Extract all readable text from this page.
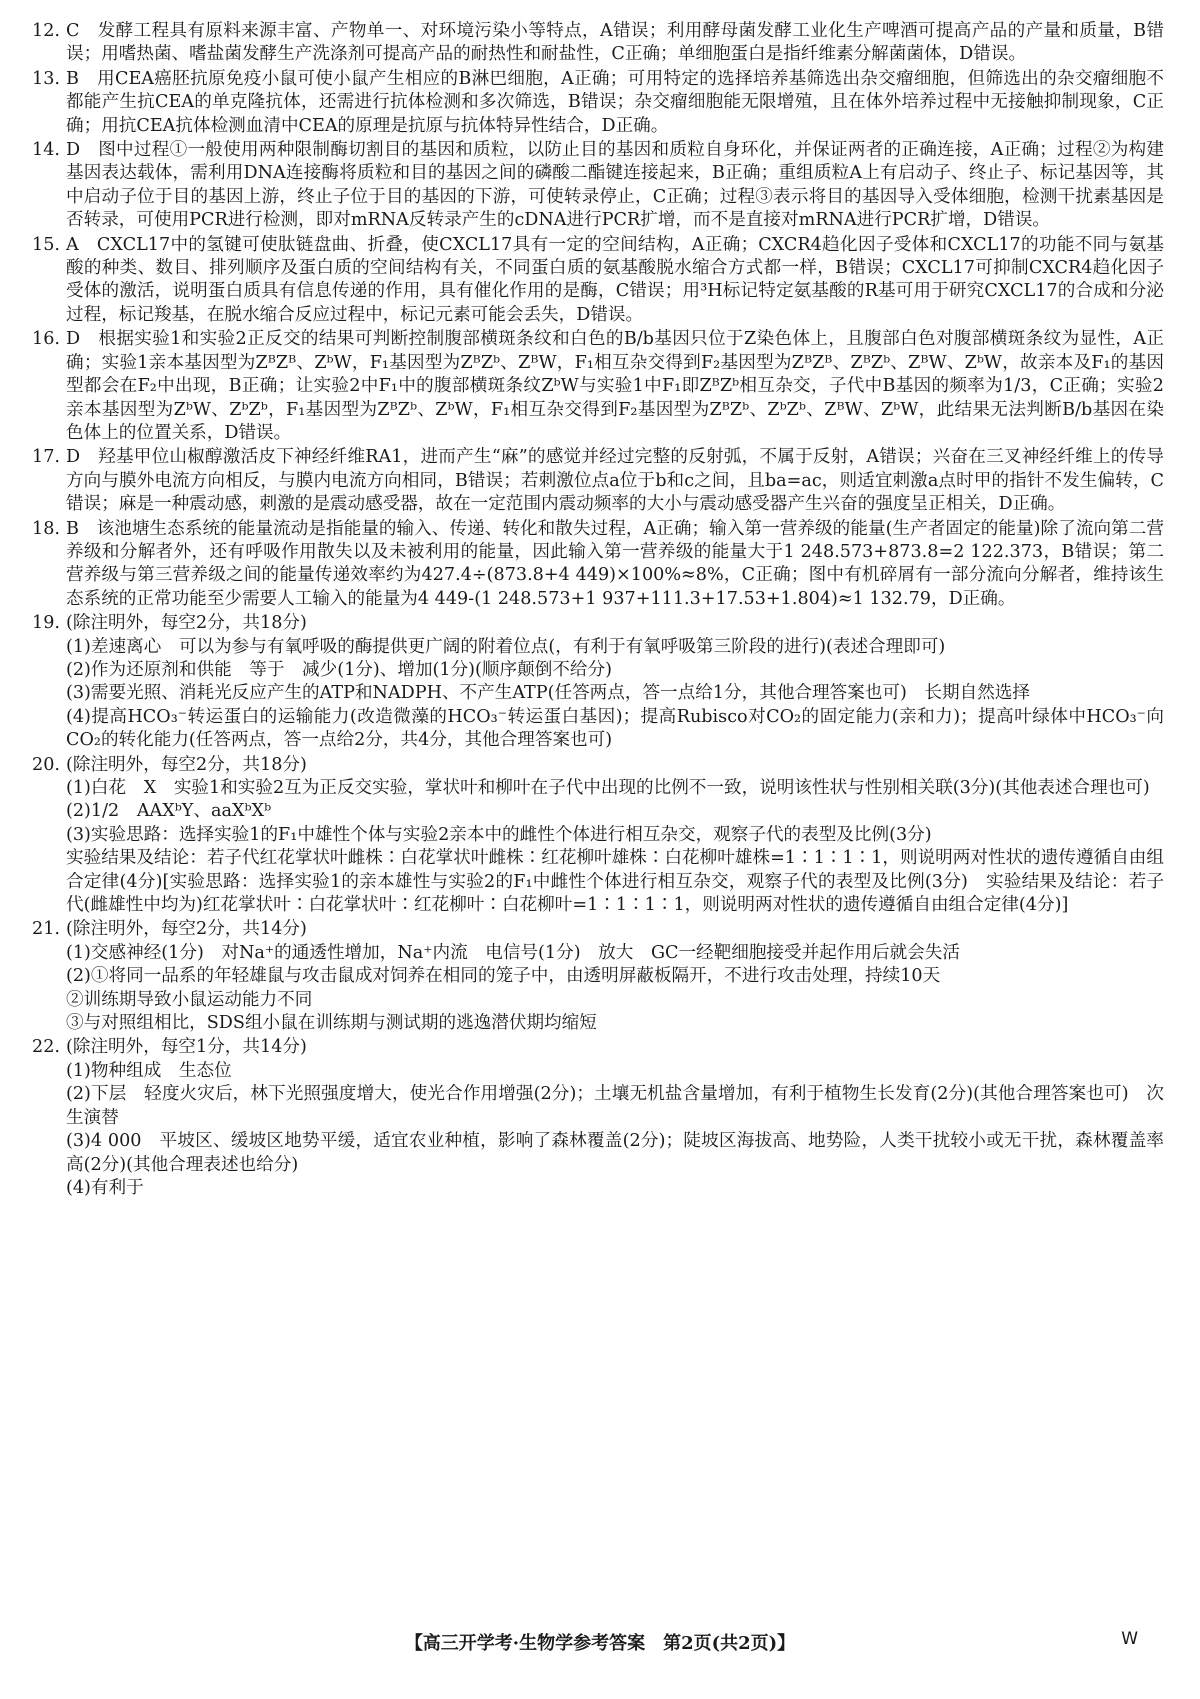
12. C　发酵工程具有原料来源丰富、产物单一、对环境污染小等特点，A错误；利用酵母菌发酵工业化生产啤酒可提高产品的产量和质量，B错误；用嗜热菌、嗜盐菌发酵生产洗涤剂可提高产品的耐热性和耐盐性，C正确；单细胞蛋白是指纤维素分解菌菌体，D错误。
13. B　用CEA癌胚抗原免疫小鼠可使小鼠产生相应的B淋巴细胞，A正确；可用特定的选择培养基筛选出杂交瘤细胞，但筛选出的杂交瘤细胞不都能产生抗CEA的单克隆抗体，还需进行抗体检测和多次筛选，B错误；杂交瘤细胞能无限增殖，且在体外培养过程中无接触抑制现象，C正确；用抗CEA抗体检测血清中CEA的原理是抗原与抗体特异性结合，D正确。
14. D　图中过程①一般使用两种限制酶切割目的基因和质粒，以防止目的基因和质粒自身环化，并保证两者的正确连接，A正确；过程②为构建基因表达载体，需利用DNA连接酶将质粒和目的基因之间的磷酸二酯键连接起来，B正确；重组质粒A上有启动子、终止子、标记基因等，其中启动子位于目的基因上游，终止子位于目的基因的下游，可使转录停止，C正确；过程③表示将目的基因导入受体细胞，检测干扰素基因是否转录，可使用PCR进行检测，即对mRNA反转录产生的cDNA进行PCR扩增，而不是直接对mRNA进行PCR扩增，D错误。
15. A　CXCL17中的氢键可使肽链盘曲、折叠，使CXCL17具有一定的空间结构，A正确；CXCR4趋化因子受体和CXCL17的功能不同与氨基酸的种类、数目、排列顺序及蛋白质的空间结构有关，不同蛋白质的氨基酸脱水缩合方式都一样，B错误；CXCL17可抑制CXCR4趋化因子受体的激活，说明蛋白质具有信息传递的作用，具有催化作用的是酶，C错误；用³H标记特定氨基酸的R基可用于研究CXCL17的合成和分泌过程，标记羧基，在脱水缩合反应过程中，标记元素可能会丢失，D错误。
16. D　根据实验1和实验2正反交的结果可判断控制腹部横斑条纹和白色的B/b基因只位于Z染色体上，且腹部白色对腹部横斑条纹为显性，A正确；实验1亲本基因型为ZᴮZᴮ、ZᵇW，F₁基因型为ZᴮZᵇ、ZᴮW，F₁相互杂交得到F₂基因型为ZᴮZᴮ、ZᴮZᵇ、ZᴮW、ZᵇW，故亲本及F₁的基因型都会在F₂中出现，B正确；让实验2中F₁中的腹部横斑条纹ZᵇW与实验1中F₁即ZᴮZᵇ相互杂交，子代中B基因的频率为1/3，C正确；实验2亲本基因型为ZᵇW、ZᵇZᵇ，F₁基因型为ZᴮZᵇ、ZᵇW，F₁相互杂交得到F₂基因型为ZᴮZᵇ、ZᵇZᵇ、ZᴮW、ZᵇW，此结果无法判断B/b基因在染色体上的位置关系，D错误。
17. D　羟基甲位山椒醇激活皮下神经纤维RA1，进而产生“麻”的感觉并经过完整的反射弧，不属于反射，A错误；兴奋在三叉神经纤维上的传导方向与膜外电流方向相反，与膜内电流方向相同，B错误；若刺激位点a位于b和c之间，且ba=ac，则适宜刺激a点时甲的指针不发生偏转，C错误；麻是一种震动感，刺激的是震动感受器，故在一定范围内震动频率的大小与震动感受器产生兴奋的强度呈正相关，D正确。
18. B　该池塘生态系统的能量流动是指能量的输入、传递、转化和散失过程，A正确；输入第一营养级的能量(生产者固定的能量)除了流向第二营养级和分解者外，还有呼吸作用散失以及未被利用的能量，因此输入第一营养级的能量大于1 248.573+873.8=2 122.373，B错误；第二营养级与第三营养级之间的能量传递效率约为427.4÷(873.8+4 449)×100%≈8%，C正确；图中有机碎屑有一部分流向分解者，维持该生态系统的正常功能至少需要人工输入的能量为4 449-(1 248.573+1 937+111.3+17.53+1.804)≈1 132.79，D正确。
19. (除注明外，每空2分，共18分)
(1)差速离心　可以为参与有氧呼吸的酶提供更广阔的附着位点(，有利于有氧呼吸第三阶段的进行)(表述合理即可)
(2)作为还原剂和供能　等于　减少(1分)、增加(1分)(顺序颠倒不给分)
(3)需要光照、消耗光反应产生的ATP和NADPH、不产生ATP(任答两点，答一点给1分，其他合理答案也可)　长期自然选择
(4)提高HCO₃⁻转运蛋白的运输能力(改造微藻的HCO₃⁻转运蛋白基因)；提高Rubisco对CO₂的固定能力(亲和力)；提高叶绿体中HCO₃⁻向CO₂的转化能力(任答两点，答一点给2分，共4分，其他合理答案也可)
20. (除注明外，每空2分，共18分)
(1)白花　X　实验1和实验2互为正反交实验，掌状叶和柳叶在子代中出现的比例不一致，说明该性状与性别相关联(3分)(其他表述合理也可)
(2)1/2　AAXᵇY、aaXᵇXᵇ
(3)实验思路：选择实验1的F₁中雄性个体与实验2亲本中的雌性个体进行相互杂交，观察子代的表型及比例(3分)
实验结果及结论：若子代红花掌状叶雌株∶白花掌状叶雌株∶红花柳叶雄株∶白花柳叶雄株=1∶1∶1∶1，则说明两对性状的遗传遵循自由组合定律(4分)[实验思路：选择实验1的亲本雄性与实验2的F₁中雌性个体进行相互杂交，观察子代的表型及比例(3分)　实验结果及结论：若子代(雌雄性中均为)红花掌状叶∶白花掌状叶∶红花柳叶∶白花柳叶=1∶1∶1∶1，则说明两对性状的遗传遵循自由组合定律(4分)]
21. (除注明外，每空2分，共14分)
(1)交感神经(1分)　对Na⁺的通透性增加，Na⁺内流　电信号(1分)　放大　GC一经靶细胞接受并起作用后就会失活
(2)①将同一品系的年轻雄鼠与攻击鼠成对饲养在相同的笼子中，由透明屏蔽板隔开，不进行攻击处理，持续10天
②训练期导致小鼠运动能力不同
③与对照组相比，SDS组小鼠在训练期与测试期的逃逸潜伏期均缩短
22. (除注明外，每空1分，共14分)
(1)物种组成　生态位
(2)下层　轻度火灾后，林下光照强度增大，使光合作用增强(2分)；土壤无机盐含量增加，有利于植物生长发育(2分)(其他合理答案也可)　次生演替
(3)4 000　平坡区、缓坡区地势平缓，适宜农业种植，影响了森林覆盖(2分)；陡坡区海拔高、地势险，人类干扰较小或无干扰，森林覆盖率高(2分)(其他合理表述也给分)
(4)有利于
【高三开学考·生物学参考答案　第2页(共2页)】	W
